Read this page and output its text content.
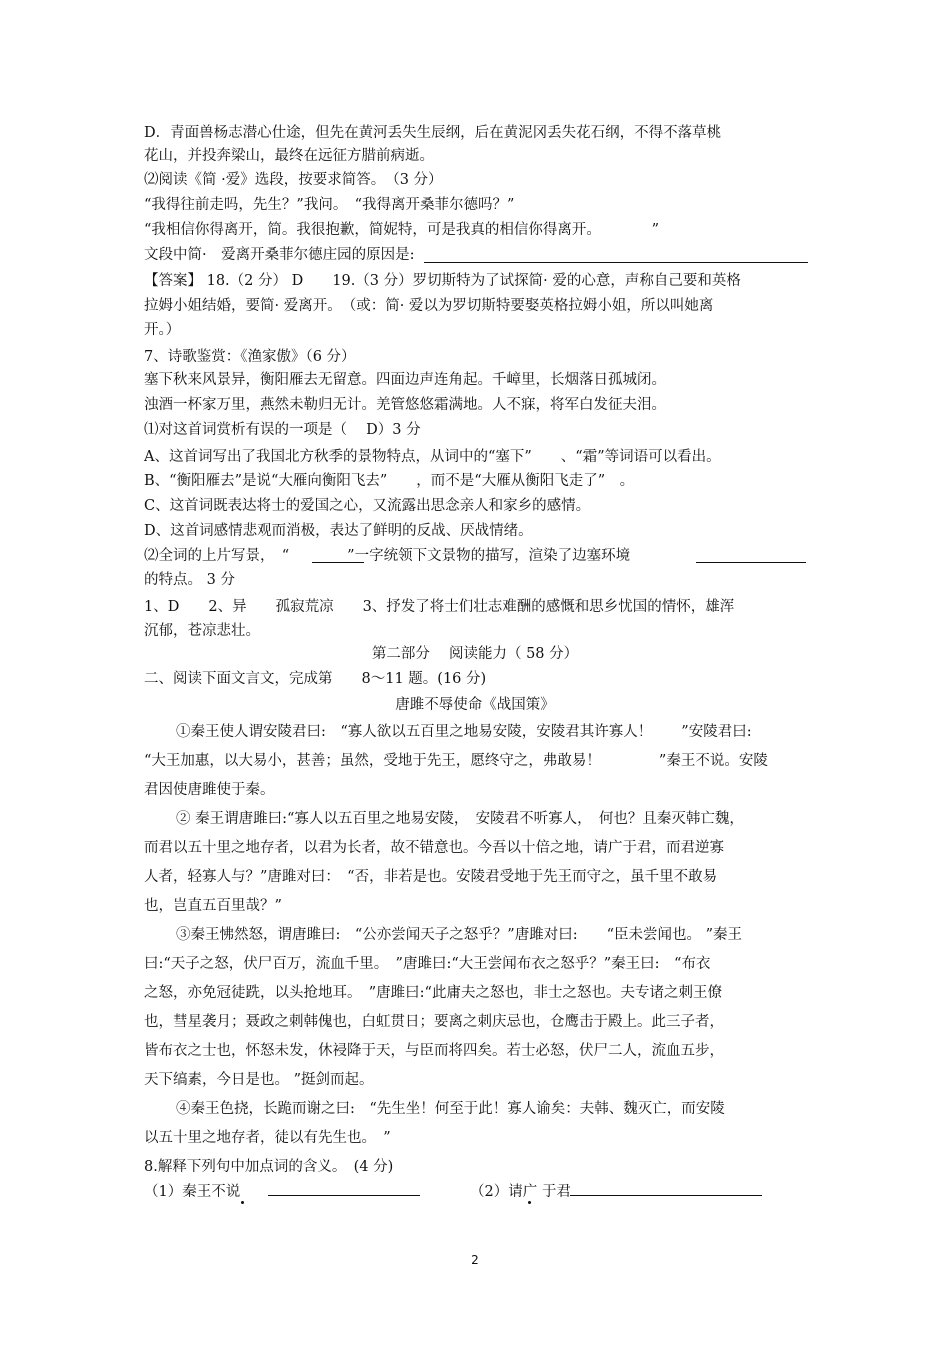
D．青面兽杨志潜心仕途，但先在黄河丢失生辰纲，后在黄泥冈丢失花石纲，不得不落草桃
花山，并投奔梁山，最终在远征方腊前病逝。
⑵阅读《简 ·爱》选段，按要求简答。　（3 分）
“我得往前走吗，先生？”我问。　“我得离开桑菲尔德吗？”
“我相信你得离开，简。我很抱歉，简妮特，可是我真的相信你得离开。　　　　”
文段中简·　爱离开桑菲尔德庄园的原因是:
【答案】 18.（2 分） D　　19.（3 分）罗切斯特为了试探简· 爱的心意，声称自己要和英格
拉姆小姐结婚，要简· 爱离开。　（或：简· 爱以为罗切斯特要娶英格拉姆小姐，所以叫她离
开。）
7、诗歌鉴赏：《渔家傲》（6 分）
塞下秋来风景异，衡阳雁去无留意。四面边声连角起。千嶂里，长烟落日孤城闭。
浊酒一杯家万里，燕然未勒归无计。羌管悠悠霜满地。人不寐，将军白发征夫泪。
⑴对这首词赏析有误的一项是（　 D）3 分
A、这首词写出了我国北方秋季的景物特点，从词中的“塞下”　　、“霜”等词语可以看出。
B、“衡阳雁去”是说“大雁向衡阳飞去”　　，而不是“大雁从衡阳飞走了”　。
C、这首词既表达将士的爱国之心，又流露出思念亲人和家乡的感情。
D、这首词感情悲观而消极，表达了鲜明的反战、厌战情绪。
⑵全词的上片写景，　“　　　　”一字统领下文景物的描写，渲染了边塞环境
的特点。 3 分
1、D　　2、异　　孤寂荒凉　　3、抒发了将士们壮志难酬的感慨和思乡忧国的情怀，雄浑
沉郁，苍凉悲壮。
二、阅读下面文言文，完成第　　8～11 题。(16 分)
“大王加惠，以大易小，甚善；虽然，受地于先王，愿终守之，弗敢易！　　　　”秦王不说。安陵
君因使唐雎使于秦。
而君以五十里之地存者，以君为长者，故不错意也。今吾以十倍之地，请广于君，而君逆寡
人者，轻寡人与？”唐雎对曰：　“否，非若是也。安陵君受地于先王而守之，虽千里不敢易
也，岂直五百里哉？”
曰:“天子之怒，伏尸百万，流血千里。　”唐雎曰:“大王尝闻布衣之怒乎？”秦王曰:　“布衣
之怒，亦免冠徒跣，以头抢地耳。　”唐雎曰:“此庸夫之怒也，非士之怒也。夫专诸之刺王僚
也，彗星袭月；聂政之刺韩傀也，白虹贯日；要离之刺庆忌也，仓鹰击于殿上。此三子者，
皆布衣之士也，怀怒未发，休祲降于天，与臣而将四矣。若士必怒，伏尸二人，流血五步，
天下缟素，今日是也。 ”挺剑而起。
以五十里之地存者，徒以有先生也。　”
8.解释下列句中加点词的含义。　(4 分)
①秦王使人谓安陵君曰:　“寡人欲以五百里之地易安陵，安陵君其许寡人！　　”安陵君曰:
② 秦王谓唐雎曰:“寡人以五百里之地易安陵，　安陵君不听寡人，　何也？且秦灭韩亡魏，
③秦王怫然怒，谓唐雎曰:　“公亦尝闻天子之怒乎？”唐雎对曰:　　“臣未尝闻也。 ”秦王
④秦王色挠，长跪而谢之曰:　“先生坐！何至于此！寡人谕矣：夫韩、魏灭亡，而安陵
第二部分　 阅读能力（ 58 分）
唐雎不辱使命《战国策》
（1）秦王不说	（2）请广 于君
2
